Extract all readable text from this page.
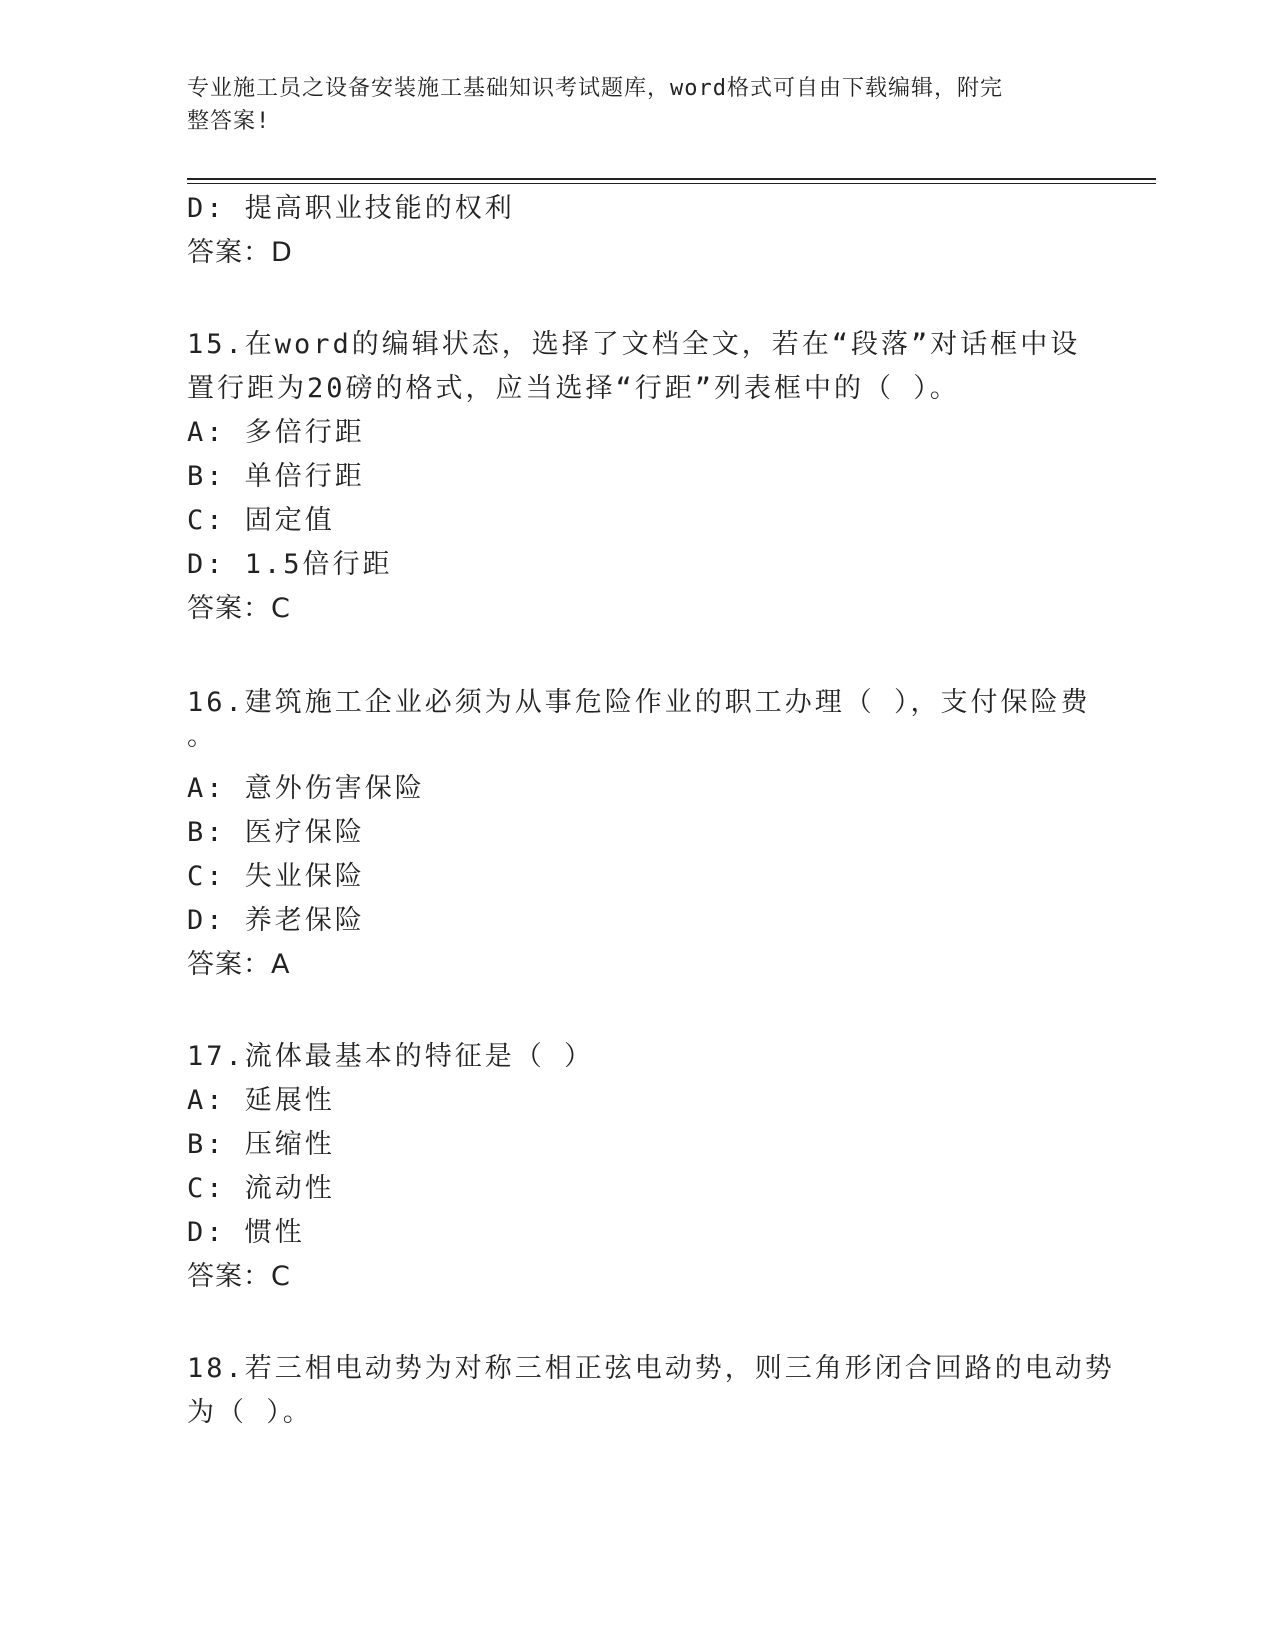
专业施工员之设备安装施工基础知识考试题库，word格式可自由下载编辑，附完
整答案!
D: 提高职业技能的权利
答案：D
15.在word的编辑状态，选择了文档全文，若在“段落”对话框中设
置行距为20磅的格式，应当选择“行距”列表框中的（ ）。
A: 多倍行距
B: 单倍行距
C: 固定值
D: 1.5倍行距
答案：C
16.建筑施工企业必须为从事危险作业的职工办理（ ），支付保险费
。
A: 意外伤害保险
B: 医疗保险
C: 失业保险
D: 养老保险
答案：A
17.流体最基本的特征是（ ）
A: 延展性
B: 压缩性
C: 流动性
D: 惯性
答案：C
18.若三相电动势为对称三相正弦电动势，则三角形闭合回路的电动势
为（ ）。
